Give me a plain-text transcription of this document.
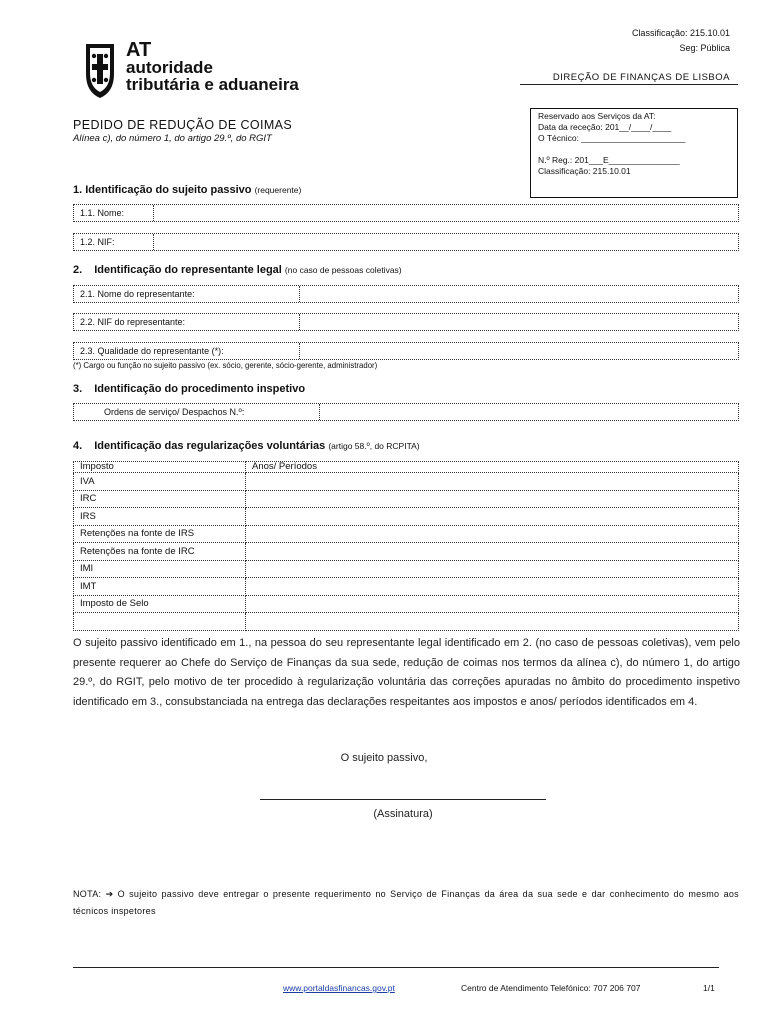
Classificação: 215.10.01
Seg: Pública
DIREÇÃO DE FINANÇAS DE LISBOA
AT
autoridade
tributária e aduaneira
PEDIDO DE REDUÇÃO DE COIMAS
Alínea c), do número 1, do artigo 29.º, do RGIT
Reservado aos Serviços da AT:
Data da receção: 201__/____/____
O Técnico: ______________________
N.º Reg.: 201___E_______________
Classificação: 215.10.01
1. Identificação do sujeito passivo (requerente)
1.1. Nome:
1.2. NIF:
2. Identificação do representante legal (no caso de pessoas coletivas)
2.1. Nome do representante:
2.2. NIF do representante:
2.3. Qualidade do representante (*):
(*) Cargo ou função no sujeito passivo (ex. sócio, gerente, sócio-gerente, administrador)
3. Identificação do procedimento inspetivo
Ordens de serviço/ Despachos N.º:
4. Identificação das regularizações voluntárias (artigo 58.º, do RCPITA)
Imposto	Anos/ Períodos
IVA	
IRC	
IRS	
Retenções na fonte de IRS	
Retenções na fonte de IRC	
IMI	
IMT	
Imposto de Selo	

O sujeito passivo identificado em 1., na pessoa do seu representante legal identificado em 2. (no caso de pessoas coletivas), vem pelo presente requerer ao Chefe do Serviço de Finanças da sua sede, redução de coimas nos termos da alínea c), do número 1, do artigo 29.º, do RGIT, pelo motivo de ter procedido à regularização voluntária das correções apuradas no âmbito do procedimento inspetivo identificado em 3., consubstanciada na entrega das declarações respeitantes aos impostos e anos/ períodos identificados em 4.
O sujeito passivo,
(Assinatura)
NOTA: ➔ O sujeito passivo deve entregar o presente requerimento no Serviço de Finanças da área da sua sede e dar conhecimento do mesmo aos técnicos inspetores
www.portaldasfinancas.gov.pt	Centro de Atendimento Telefónico: 707 206 707	1/1
